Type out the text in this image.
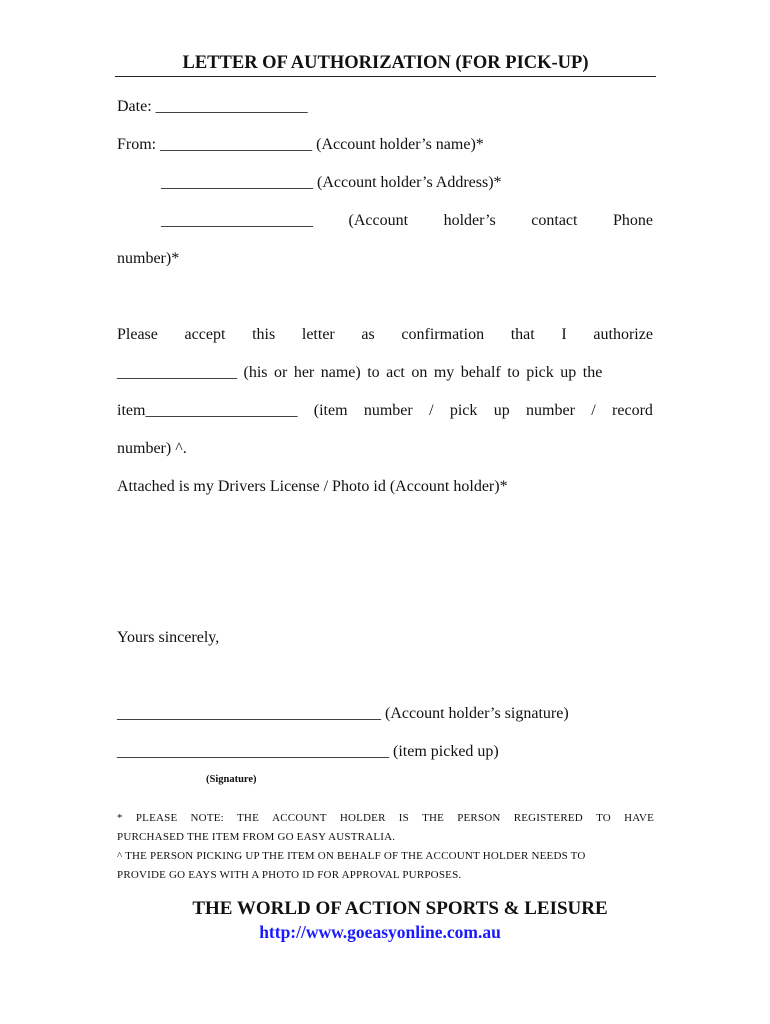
LETTER OF AUTHORIZATION (FOR PICK-UP)
Date: ___________________
From: ___________________ (Account holder’s name)*
___________________ (Account holder’s Address)*
___________________ (Account holder’s contact Phone
number)*
Please accept this letter as confirmation that I authorize
_______________ (his or her name) to act on my behalf to pick up the
item___________________ (item number / pick up number / record
number) ^.
Attached is my Drivers License / Photo id (Account holder)*
Yours sincerely,
_________________________________ (Account holder’s signature)
__________________________________ (item picked up)
(Signature)
* PLEASE NOTE: THE ACCOUNT HOLDER IS THE PERSON REGISTERED TO HAVE
PURCHASED THE ITEM FROM GO EASY AUSTRALIA.
^ THE PERSON PICKING UP THE ITEM ON BEHALF OF THE ACCOUNT HOLDER NEEDS TO
PROVIDE GO EAYS WITH A PHOTO ID FOR APPROVAL PURPOSES.
THE WORLD OF ACTION SPORTS & LEISURE
http://www.goeasyonline.com.au
